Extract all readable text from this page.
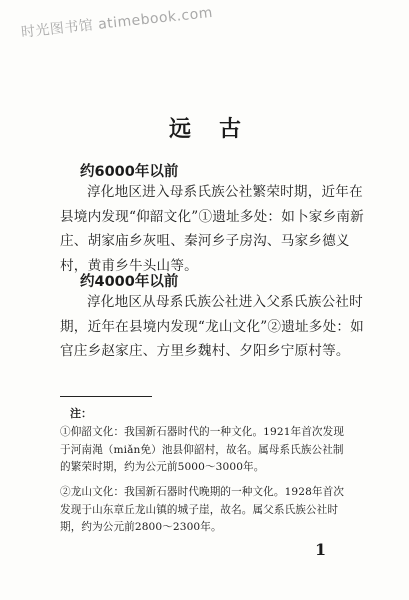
时光图书馆 atimebook.com
远古
约6000年以前
淳化地区进入母系氏族公社繁荣时期，近年在县境内发现“仰韶文化”①遗址多处：如卜家乡南新庄、胡家庙乡灰咀、秦河乡子房沟、马家乡德义村，黄甫乡牛头山等。
约4000年以前
淳化地区从母系氏族公社进入父系氏族公社时期，近年在县境内发现“龙山文化”②遗址多处：如官庄乡赵家庄、方里乡魏村、夕阳乡宁原村等。
注：
①仰韶文化：我国新石器时代的一种文化。1921年首次发现于河南渑（miǎn免）池县仰韶村，故名。属母系氏族公社制的繁荣时期，约为公元前5000～3000年。
②龙山文化：我国新石器时代晚期的一种文化。1928年首次发现于山东章丘龙山镇的城子崖，故名。属父系氏族公社时期，约为公元前2800～2300年。
1
